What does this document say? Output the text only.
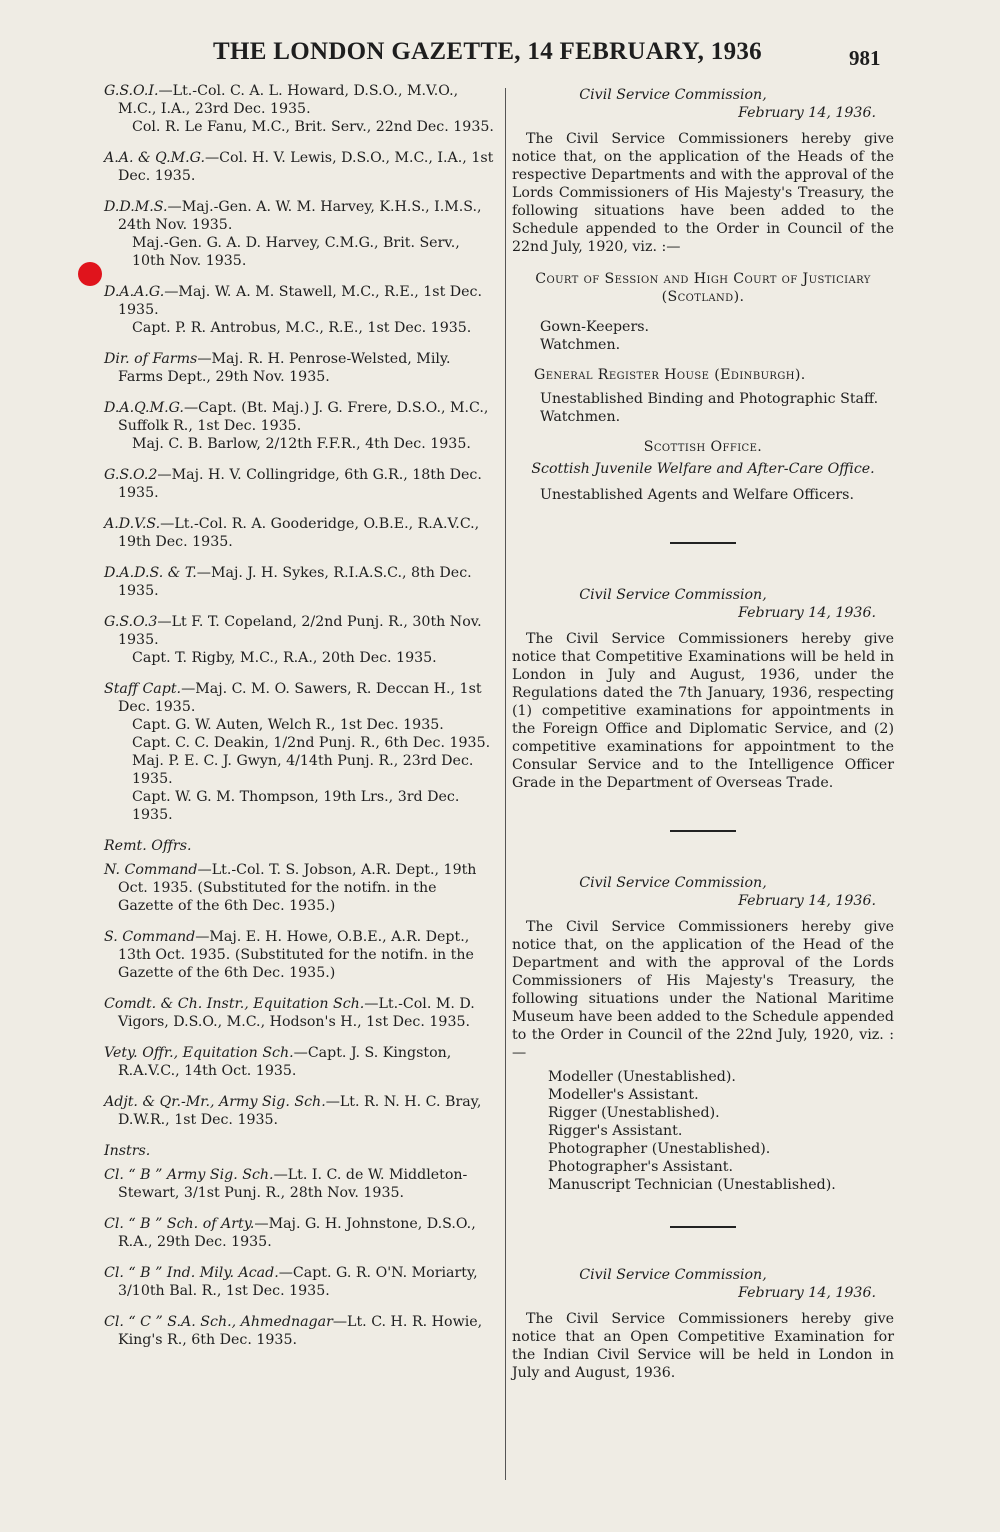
THE LONDON GAZETTE, 14 FEBRUARY, 1936	981
G.S.O.I.—Lt.-Col. C. A. L. Howard, D.S.O., M.V.O., M.C., I.A., 23rd Dec. 1935.

Col. R. Le Fanu, M.C., Brit. Serv., 22nd Dec. 1935.

A.A. & Q.M.G.—Col. H. V. Lewis, D.S.O., M.C., I.A., 1st Dec. 1935.
D.D.M.S.—Maj.-Gen. A. W. M. Harvey, K.H.S., I.M.S., 24th Nov. 1935.

Maj.-Gen. G. A. D. Harvey, C.M.G., Brit. Serv., 10th Nov. 1935.

D.A.A.G.—Maj. W. A. M. Stawell, M.C., R.E., 1st Dec. 1935.

Capt. P. R. Antrobus, M.C., R.E., 1st Dec. 1935.

Dir. of Farms—Maj. R. H. Penrose-Welsted, Mily. Farms Dept., 29th Nov. 1935.
D.A.Q.M.G.—Capt. (Bt. Maj.) J. G. Frere, D.S.O., M.C., Suffolk R., 1st Dec. 1935.

Maj. C. B. Barlow, 2/12th F.F.R., 4th Dec. 1935.

G.S.O.2—Maj. H. V. Collingridge, 6th G.R., 18th Dec. 1935.
A.D.V.S.—Lt.-Col. R. A. Gooderidge, O.B.E., R.A.V.C., 19th Dec. 1935.
D.A.D.S. & T.—Maj. J. H. Sykes, R.I.A.S.C., 8th Dec. 1935.
G.S.O.3—Lt F. T. Copeland, 2/2nd Punj. R., 30th Nov. 1935.

Capt. T. Rigby, M.C., R.A., 20th Dec. 1935.

Staff Capt.—Maj. C. M. O. Sawers, R. Deccan H., 1st Dec. 1935.

Capt. G. W. Auten, Welch R., 1st Dec. 1935.

Capt. C. C. Deakin, 1/2nd Punj. R., 6th Dec. 1935.

Maj. P. E. C. J. Gwyn, 4/14th Punj. R., 23rd Dec. 1935.

Capt. W. G. M. Thompson, 19th Lrs., 3rd Dec. 1935.

Remt. Offrs.
N. Command—Lt.-Col. T. S. Jobson, A.R. Dept., 19th Oct. 1935. (Substituted for the notifn. in the Gazette of the 6th Dec. 1935.)
S. Command—Maj. E. H. Howe, O.B.E., A.R. Dept., 13th Oct. 1935. (Substituted for the notifn. in the Gazette of the 6th Dec. 1935.)
Comdt. & Ch. Instr., Equitation Sch.—Lt.-Col. M. D. Vigors, D.S.O., M.C., Hodson's H., 1st Dec. 1935.
Vety. Offr., Equitation Sch.—Capt. J. S. Kingston, R.A.V.C., 14th Oct. 1935.
Adjt. & Qr.-Mr., Army Sig. Sch.—Lt. R. N. H. C. Bray, D.W.R., 1st Dec. 1935.
Instrs.
Cl. “ B ” Army Sig. Sch.—Lt. I. C. de W. Middleton-Stewart, 3/1st Punj. R., 28th Nov. 1935.
Cl. “ B ” Sch. of Arty.—Maj. G. H. Johnstone, D.S.O., R.A., 29th Dec. 1935.
Cl. “ B ” Ind. Mily. Acad.—Capt. G. R. O'N. Moriarty, 3/10th Bal. R., 1st Dec. 1935.
Cl. “ C ” S.A. Sch., Ahmednagar—Lt. C. H. R. Howie, King's R., 6th Dec. 1935.
Civil Service Commission,
February 14, 1936.
The Civil Service Commissioners hereby give notice that, on the application of the Heads of the respective Departments and with the approval of the Lords Commissioners of His Majesty's Treasury, the following situations have been added to the Schedule appended to the Order in Council of the 22nd July, 1920, viz. :—
Court of Session and High Court of Justiciary (Scotland).
Gown-Keepers.
Watchmen.
General Register House (Edinburgh).
Unestablished Binding and Photographic Staff.
Watchmen.
Scottish Office.
Scottish Juvenile Welfare and After-Care Office.
Unestablished Agents and Welfare Officers.
Civil Service Commission,
February 14, 1936.
The Civil Service Commissioners hereby give notice that Competitive Examinations will be held in London in July and August, 1936, under the Regulations dated the 7th January, 1936, respecting (1) competitive examinations for appointments in the Foreign Office and Diplomatic Service, and (2) competitive examinations for appointment to the Consular Service and to the Intelligence Officer Grade in the Department of Overseas Trade.
Civil Service Commission,
February 14, 1936.
The Civil Service Commissioners hereby give notice that, on the application of the Head of the Department and with the approval of the Lords Commissioners of His Majesty's Treasury, the following situations under the National Maritime Museum have been added to the Schedule appended to the Order in Council of the 22nd July, 1920, viz. :—

Modeller (Unestablished).

Modeller's Assistant.

Rigger (Unestablished).

Rigger's Assistant.

Photographer (Unestablished).

Photographer's Assistant.

Manuscript Technician (Unestablished).

Civil Service Commission,
February 14, 1936.
The Civil Service Commissioners hereby give notice that an Open Competitive Examination for the Indian Civil Service will be held in London in July and August, 1936.
